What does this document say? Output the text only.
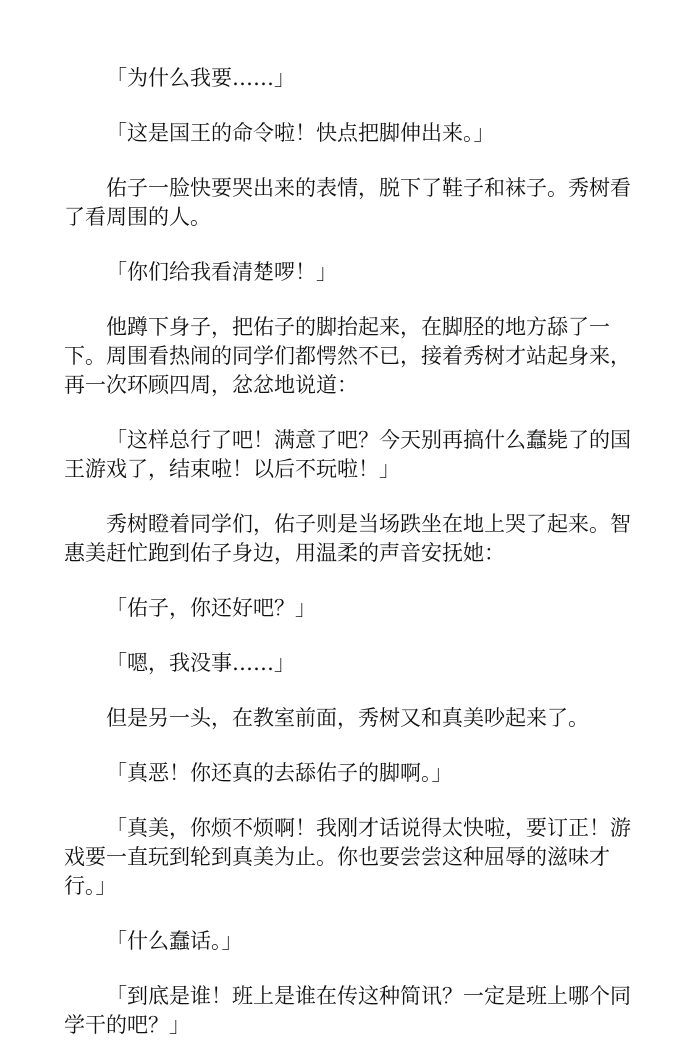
「为什么我要……」

「这是国王的命令啦！快点把脚伸出来。」

佑子一脸快要哭出来的表情，脱下了鞋子和袜子。秀树看了看周围的人。

「你们给我看清楚啰！」

他蹲下身子，把佑子的脚抬起来，在脚胫的地方舔了一下。周围看热闹的同学们都愕然不已，接着秀树才站起身来，再一次环顾四周，忿忿地说道：

「这样总行了吧！满意了吧？今天别再搞什么蠢毙了的国王游戏了，结束啦！以后不玩啦！」

秀树瞪着同学们，佑子则是当场跌坐在地上哭了起来。智惠美赶忙跑到佑子身边，用温柔的声音安抚她：

「佑子，你还好吧？」

「嗯，我没事……」

但是另一头，在教室前面，秀树又和真美吵起来了。

「真恶！你还真的去舔佑子的脚啊。」

「真美，你烦不烦啊！我刚才话说得太快啦，要订正！游戏要一直玩到轮到真美为止。你也要尝尝这种屈辱的滋味才行。」

「什么蠢话。」

「到底是谁！班上是谁在传这种简讯？一定是班上哪个同学干的吧？」
